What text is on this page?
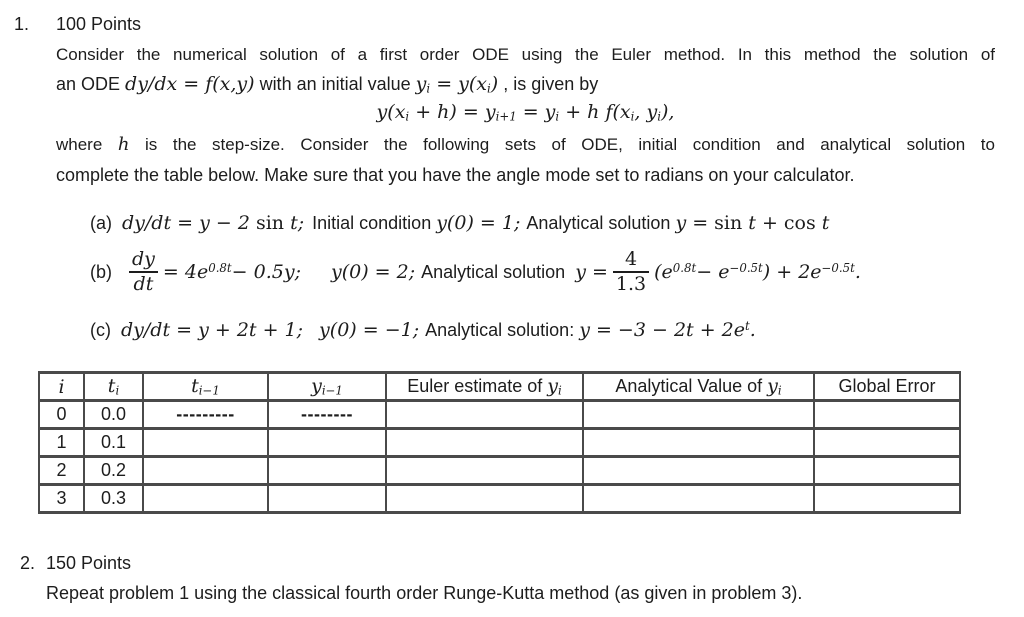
1. 100 Points
Consider the numerical solution of a first order ODE using the Euler method. In this method the solution of
an ODE dy/dx = f(x,y) with an initial value $y_i = y(x_i)$ , is given by
$y(x_i + h) = y_{i+1} = y_i + h$ $f(x_i$, $y_i$),
where h is the step-size. Consider the following sets of ODE, initial condition and analytical solution to
complete the table below. Make sure that you have the angle mode set to radians on your calculator.
(a) dy/dt = y − 2 sin t; Initial condition y(0) = 1; Analytical solution y = sin t + cos t
$(b) \frac{dy}{dt} = 4e^{0.8t} - 0.5y$; y(0) = 2; Analytical solution $y = \frac{4}{1.3} (e^{0.8t} - e^{-0.5t}$ ) + $2e^{-0.5t}$ .
(c) dy/dt = y + 2t + 1; y(0) = −1; Analytical solution: $y = -3 - 2t + 2e^t$.
i	$t_i$	$t_{i-1}$	$y_{i-1}$	Euler estimate of $y_i$	Analytical Value of $y_i$	Global Error
0	0.0	---------	--------			
1	0.1					
2	0.2					
3	0.3					
2. 150 Points
Repeat problem 1 using the classical fourth order Runge-Kutta method (as given in problem 3).
